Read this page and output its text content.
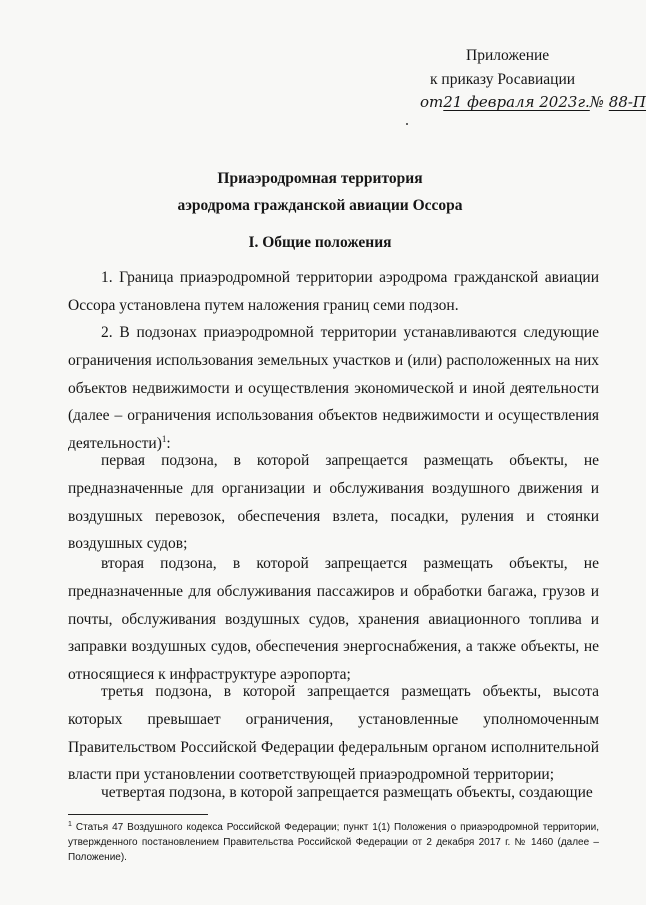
Приложение
к приказу Росавиации
от21 февраля 2023г.№ 88-П
Приаэродромная территория
аэродрома гражданской авиации Оссора
I. Общие положения

1. Граница приаэродромной территории аэродрома гражданской авиации Оссора установлена путем наложения границ семи подзон.

2. В подзонах приаэродромной территории устанавливаются следующие ограничения использования земельных участков и (или) расположенных на них объектов недвижимости и осуществления экономической и иной деятельности (далее – ограничения использования объектов недвижимости и осуществления деятельности)$^1$:

первая подзона, в которой запрещается размещать объекты, не предназначенные для организации и обслуживания воздушного движения и воздушных перевозок, обеспечения взлета, посадки, руления и стоянки воздушных судов;

вторая подзона, в которой запрещается размещать объекты, не предназначенные для обслуживания пассажиров и обработки багажа, грузов и почты, обслуживания воздушных судов, хранения авиационного топлива и заправки воздушных судов, обеспечения энергоснабжения, а также объекты, не относящиеся к инфраструктуре аэропорта;

третья подзона, в которой запрещается размещать объекты, высота которых превышает ограничения, установленные уполномоченным Правительством Российской Федерации федеральным органом исполнительной власти при установлении соответствующей приаэродромной территории;

четвертая подзона, в которой запрещается размещать объекты, создающие

$^1$ Статья 47 Воздушного кодекса Российской Федерации; пункт 1(1) Положения о приаэродромной территории, утвержденного постановлением Правительства Российской Федерации от 2 декабря 2017 г. № 1460 (далее – Положение).
